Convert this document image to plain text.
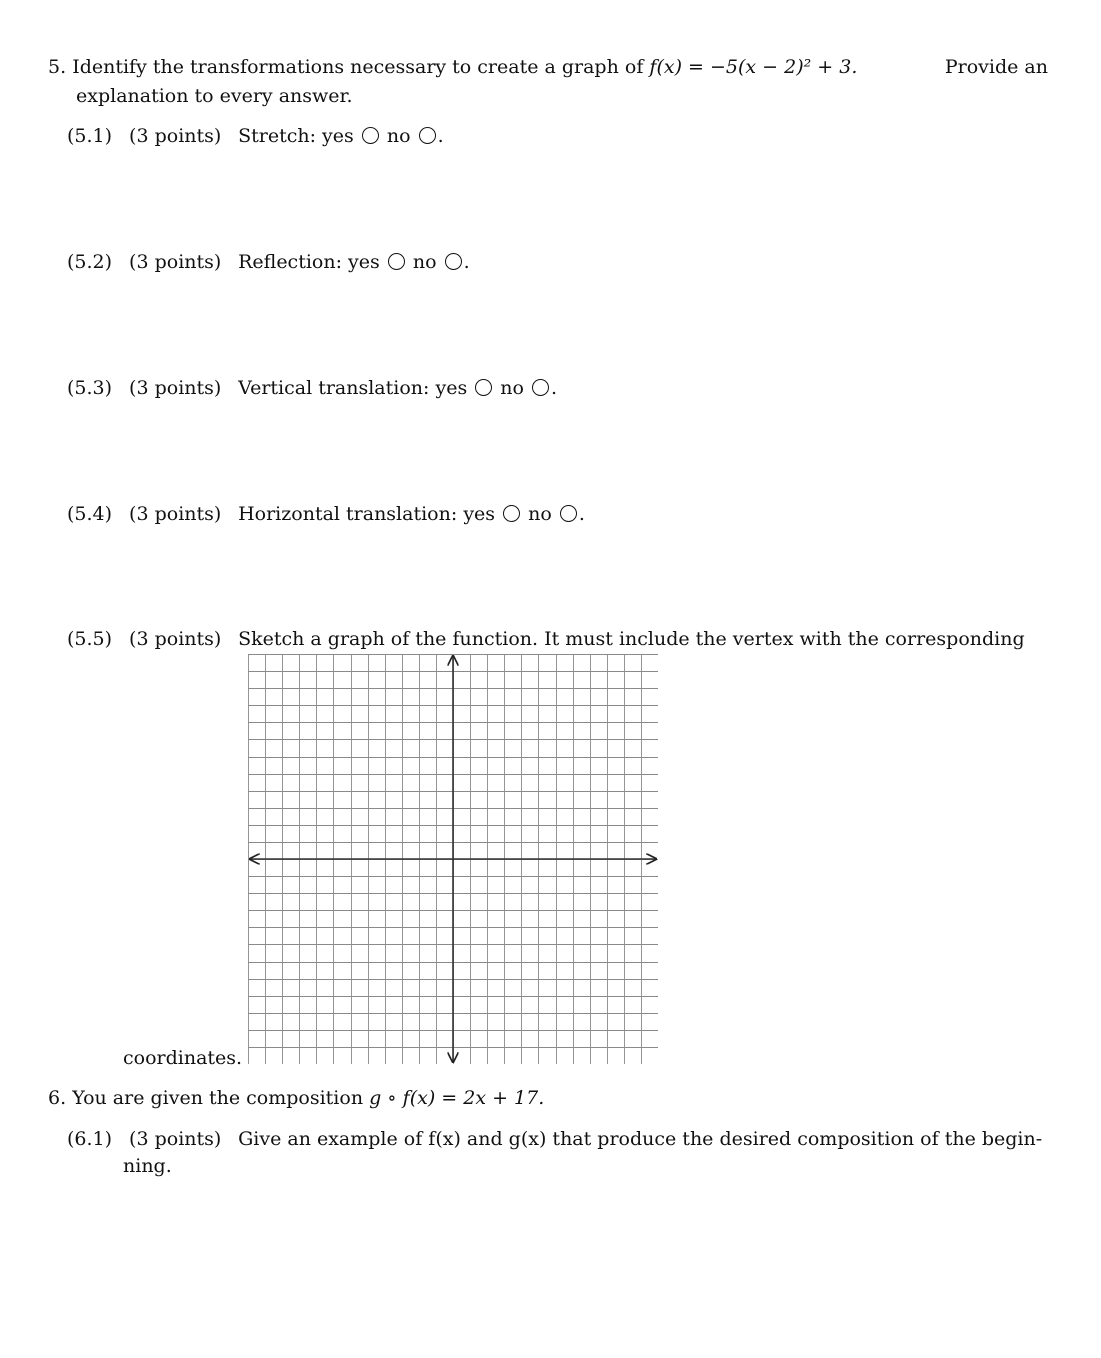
5. Identify the transformations necessary to create a graph of f(x) = −5(x − 2)² + 3.	Provide an
explanation to every answer.
(5.1) (3 points) Stretch: yes no .
(5.2) (3 points) Reflection: yes no .
(5.3) (3 points) Vertical translation: yes no .
(5.4) (3 points) Horizontal translation: yes no .
(5.5) (3 points) Sketch a graph of the function. It must include the vertex with the corresponding
coordinates.
6. You are given the composition g ∘ f(x) = 2x + 17.
(6.1) (3 points) Give an example of f(x) and g(x) that produce the desired composition of the begin-
ning.
